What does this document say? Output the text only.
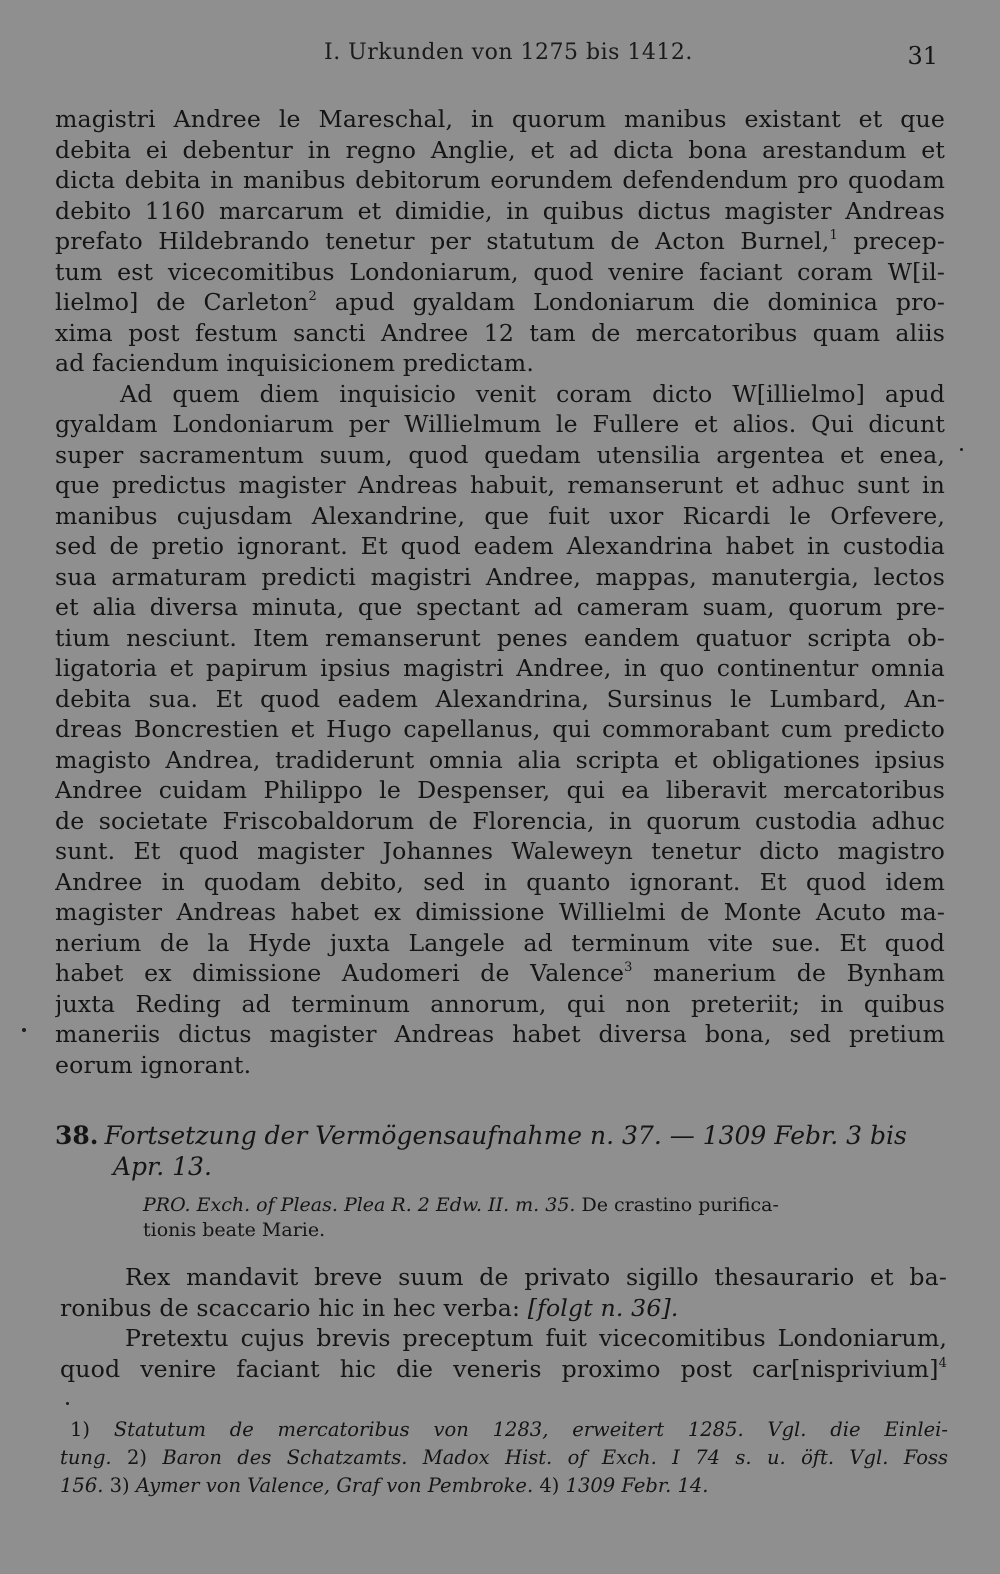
I. Urkunden von 1275 bis 1412.	31
magistri Andree le Mareschal, in quorum manibus existant et que
debita ei debentur in regno Anglie, et ad dicta bona arestandum et
dicta debita in manibus debitorum eorundem defendendum pro quodam
debito 1160 marcarum et dimidie, in quibus dictus magister Andreas
prefato Hildebrando tenetur per statutum de Acton Burnel,$^1$ precep-
tum est vicecomitibus Londoniarum, quod venire faciant coram W[il-
lielmo] de Carleton$^2$ apud gyaldam Londoniarum die dominica pro-
xima post festum sancti Andree 12 tam de mercatoribus quam aliis
ad faciendum inquisicionem predictam.
Ad quem diem inquisicio venit coram dicto W[illielmo] apud
gyaldam Londoniarum per Willielmum le Fullere et alios. Qui dicunt
super sacramentum suum, quod quedam utensilia argentea et enea,
que predictus magister Andreas habuit, remanserunt et adhuc sunt in
manibus cujusdam Alexandrine, que fuit uxor Ricardi le Orfevere,
sed de pretio ignorant. Et quod eadem Alexandrina habet in custodia
sua armaturam predicti magistri Andree, mappas, manutergia, lectos
et alia diversa minuta, que spectant ad cameram suam, quorum pre-
tium nesciunt. Item remanserunt penes eandem quatuor scripta ob-
ligatoria et papirum ipsius magistri Andree, in quo continentur omnia
debita sua. Et quod eadem Alexandrina, Sursinus le Lumbard, An-
dreas Boncrestien et Hugo capellanus, qui commorabant cum predicto
magisto Andrea, tradiderunt omnia alia scripta et obligationes ipsius
Andree cuidam Philippo le Despenser, qui ea liberavit mercatoribus
de societate Friscobaldorum de Florencia, in quorum custodia adhuc
sunt. Et quod magister Johannes Waleweyn tenetur dicto magistro
Andree in quodam debito, sed in quanto ignorant. Et quod idem
magister Andreas habet ex dimissione Willielmi de Monte Acuto ma-
nerium de la Hyde juxta Langele ad terminum vite sue. Et quod
habet ex dimissione Audomeri de Valence$^3$ manerium de Bynham
juxta Reding ad terminum annorum, qui non preteriit; in quibus
maneriis dictus magister Andreas habet diversa bona, sed pretium
eorum ignorant.
38. Fortsetzung der Vermögensaufnahme n. 37. — 1309 Febr. 3 bis
Apr. 13.
PRO. Exch. of Pleas. Plea R. 2 Edw. II. m. 35. De crastino purifica-
tionis beate Marie.
Rex mandavit breve suum de privato sigillo thesaurario et ba-
ronibus de scaccario hic in hec verba: [folgt n. 36].
Pretextu cujus brevis preceptum fuit vicecomitibus Londoniarum,
quod venire faciant hic die veneris proximo post car[nisprivium]$^4$
1) Statutum de mercatoribus von 1283, erweitert 1285. Vgl. die Einlei-
tung. 2) Baron des Schatzamts. Madox Hist. of Exch. I 74 s. u. öft. Vgl. Foss
156. 3) Aymer von Valence, Graf von Pembroke. 4) 1309 Febr. 14.
